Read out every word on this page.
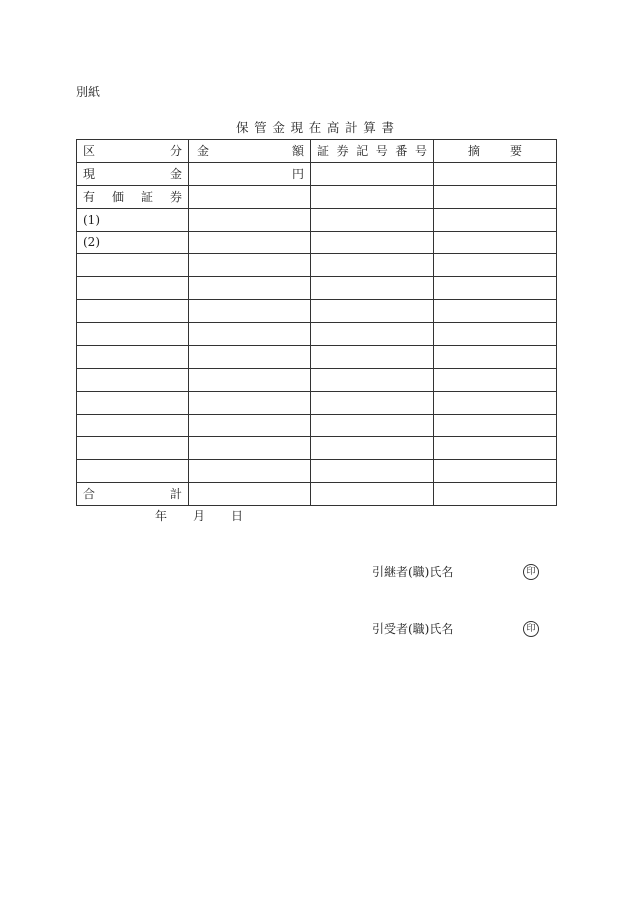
別紙
保管金現在高計算書
区分	金額	証券記号番号	摘要

現金	円		

有価証券			

(1)			
(2)			

合計			

年 月 日
引継者(職)氏名	印
引受者(職)氏名	印
